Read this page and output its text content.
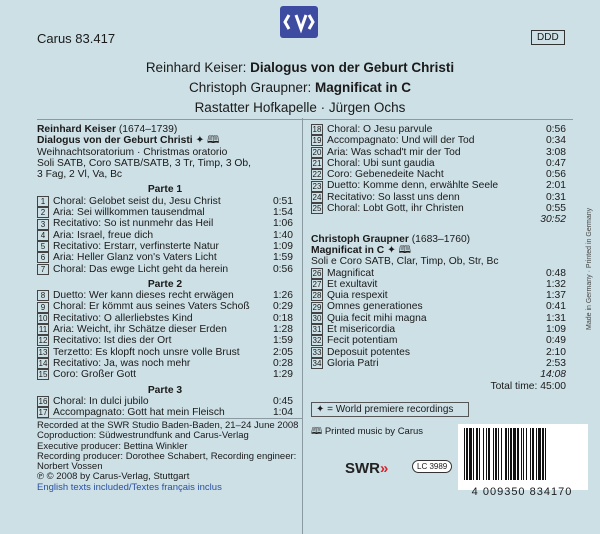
Carus 83.417	DDD
Reinhard Keiser: Dialogus von der Geburt Christi
Christoph Graupner: Magnificat in C
Rastatter Hofkapelle · Jürgen Ochs
Reinhard Keiser (1674–1739)
Dialogus von der Geburt Christi ✦ 🕮
Weihnachtsoratorium · Christmas oratorio
Soli SATB, Coro SATB/SATB, 3 Tr, Timp, 3 Ob,
3 Fag, 2 Vl, Va, Bc
Parte 1
1 Choral: Gelobet seist du, Jesu Christ	0:51
2 Aria: Sei willkommen tausendmal	1:54
3 Recitativo: So ist nunmehr das Heil	1:06
4 Aria: Israel, freue dich	1:40
5 Recitativo: Erstarr, verfinsterte Natur	1:09
6 Aria: Heller Glanz von's Vaters Licht	1:59
7 Choral: Das ewge Licht geht da herein	0:56
Parte 2
8 Duetto: Wer kann dieses recht erwägen	1:26
9 Choral: Er kömmt aus seines Vaters Schoß	0:29
10 Recitativo: O allerliebstes Kind	0:18
11 Aria: Weicht, ihr Schätze dieser Erden	1:28
12 Recitativo: Ist dies der Ort	1:59
13 Terzetto: Es klopft noch unsre volle Brust	2:05
14 Recitativo: Ja, was noch mehr	0:28
15 Coro: Großer Gott	1:29
Parte 3
16 Choral: In dulci jubilo	0:45
17 Accompagnato: Gott hat mein Fleisch	1:04
18 Choral: O Jesu parvule	0:56
19 Accompagnato: Und will der Tod	0:34
20 Aria: Was schad't mir der Tod	3:08
21 Choral: Ubi sunt gaudia	0:47
22 Coro: Gebenedeite Nacht	0:56
23 Duetto: Komme denn, erwählte Seele	2:01
24 Recitativo: So lasst uns denn	0:31
25 Choral: Lobt Gott, ihr Christen	0:55
30:52
Christoph Graupner (1683–1760)
Magnificat in C ✦ 🕮
Soli e Coro SATB, Clar, Timp, Ob, Str, Bc
26 Magnificat	0:48
27 Et exultavit	1:32
28 Quia respexit	1:37
29 Omnes generationes	0:41
30 Quia fecit mihi magna	1:31
31 Et misericordia	1:09
32 Fecit potentiam	0:49
33 Deposuit potentes	2:10
34 Gloria Patri	2:53
14:08
Total time: 45:00
✦ = World premiere recordings
Recorded at the SWR Studio Baden-Baden, 21–24 June 2008
Coproduction: Südwestrundfunk and Carus-Verlag
Executive producer: Bettina Winkler
Recording producer: Dorothee Schabert, Recording engineer: Norbert Vossen
℗ © 2008 by Carus-Verlag, Stuttgart
English texts included/Textes français inclus
🕮 Printed music by Carus
SWR»	LC 3989
4 009350 834170
Made in Germany · Printed in Germany
